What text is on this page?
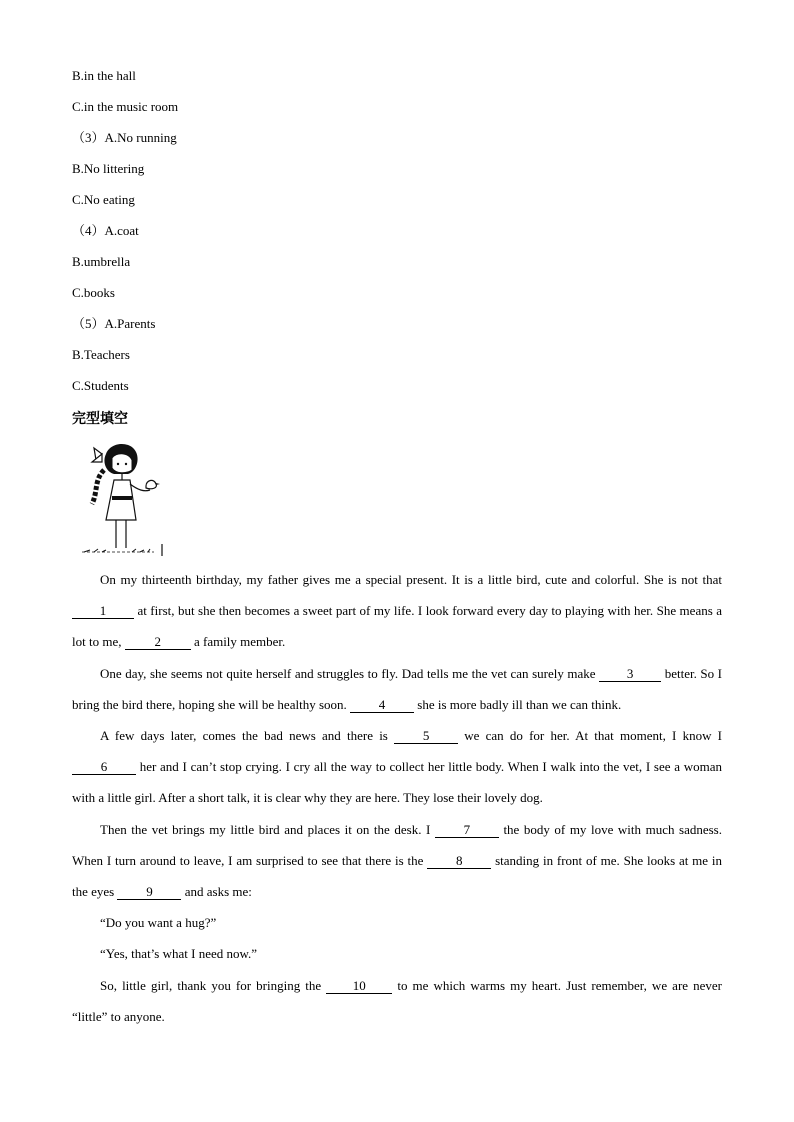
B.in the hall
C.in the music room
（3）A.No running
B.No littering
C.No eating
（4）A.coat
B.umbrella
C.books
（5）A.Parents
B.Teachers
C.Students
完型填空

On my thirteenth birthday, my father gives me a special present. It is a little bird, cute and colorful. She is not that 1 at first, but she then becomes a sweet part of my life. I look forward every day to playing with her. She means a lot to me, 2 a family member.

One day, she seems not quite herself and struggles to fly. Dad tells me the vet can surely make 3 better. So I bring the bird there, hoping she will be healthy soon. 4 she is more badly ill than we can think.

A few days later, comes the bad news and there is 5 we can do for her. At that moment, I know I 6 her and I can’t stop crying. I cry all the way to collect her little body. When I walk into the vet, I see a woman with a little girl. After a short talk, it is clear why they are here. They lose their lovely dog.

Then the vet brings my little bird and places it on the desk. I 7 the body of my love with much sadness. When I turn around to leave, I am surprised to see that there is the 8 standing in front of me. She looks at me in the eyes 9 and asks me:

“Do you want a hug?”

“Yes, that’s what I need now.”

So, little girl, thank you for bringing the 10 to me which warms my heart. Just remember, we are never “little” to anyone.
